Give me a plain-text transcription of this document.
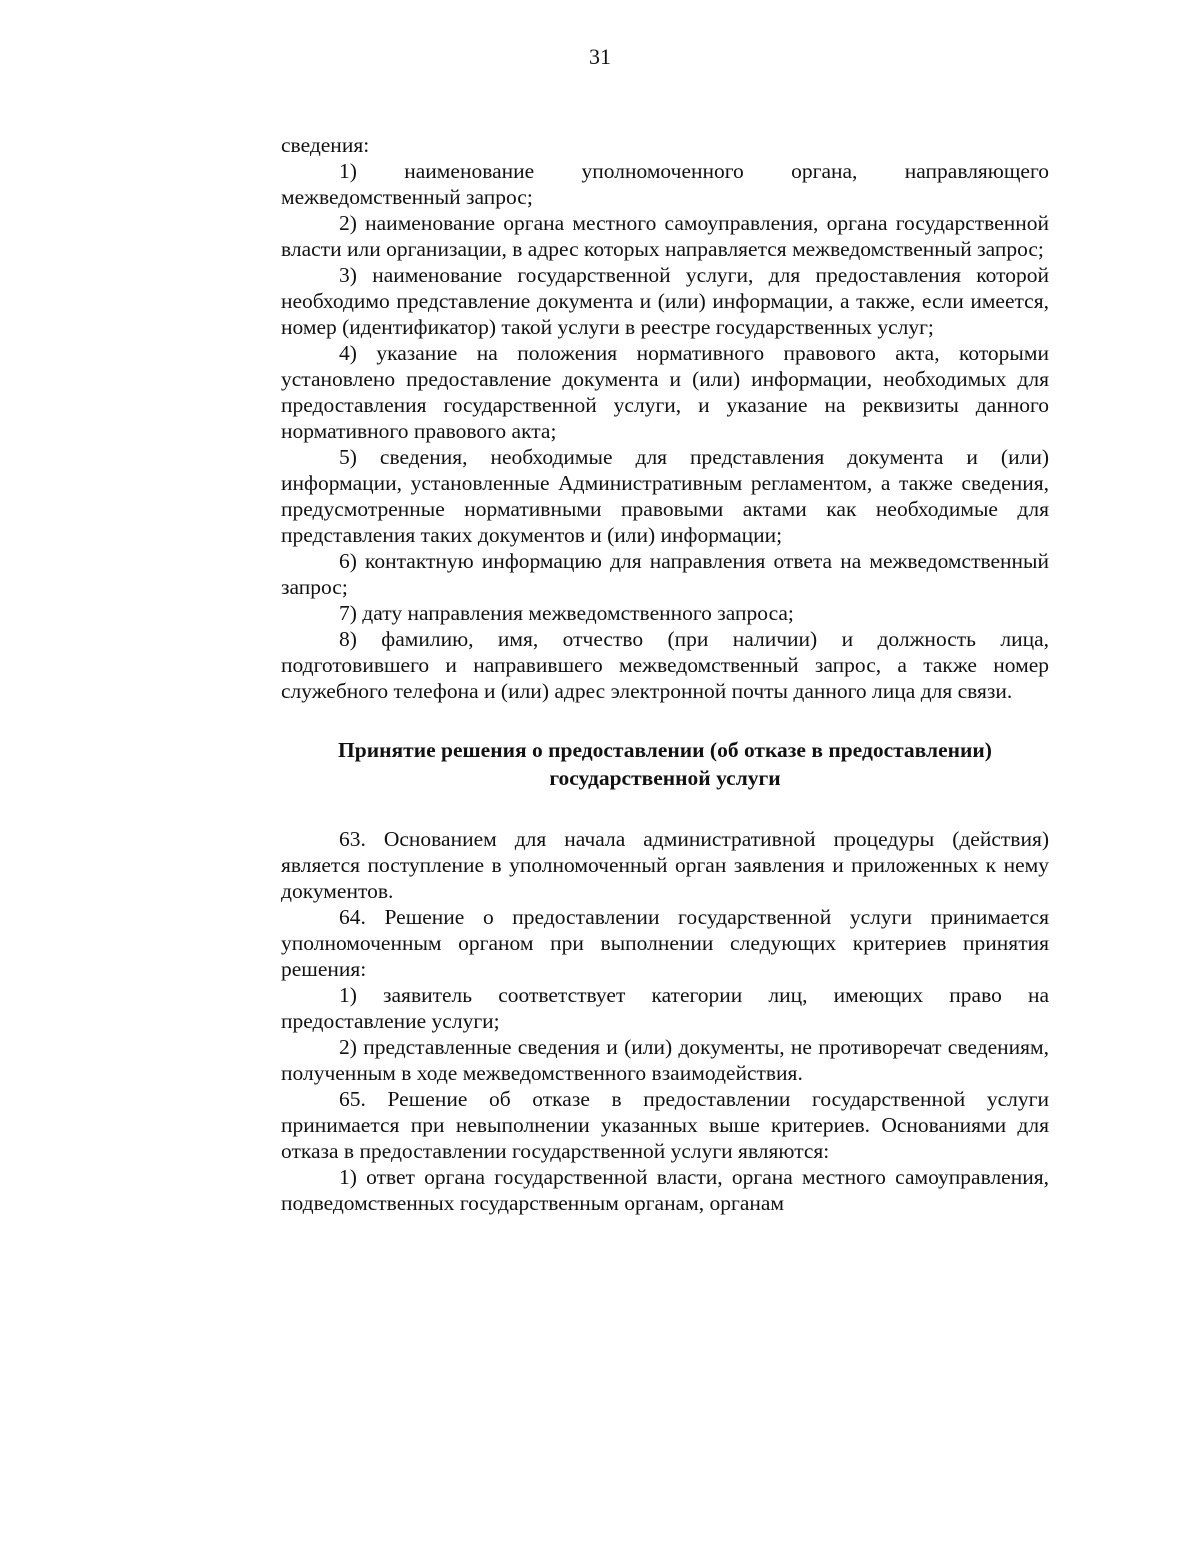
31

сведения:

1) наименование уполномоченного органа, направляющего межведомственный запрос;

2) наименование органа местного самоуправления, органа государственной власти или организации, в адрес которых направляется межведомственный запрос;

3) наименование государственной услуги, для предоставления которой необходимо представление документа и (или) информации, а также, если имеется, номер (идентификатор) такой услуги в реестре государственных услуг;

4) указание на положения нормативного правового акта, которыми установлено предоставление документа и (или) информации, необходимых для предоставления государственной услуги, и указание на реквизиты данного нормативного правового акта;

5) сведения, необходимые для представления документа и (или) информации, установленные Административным регламентом, а также сведения, предусмотренные нормативными правовыми актами как необходимые для представления таких документов и (или) информации;

6) контактную информацию для направления ответа на межведомственный запрос;

7) дату направления межведомственного запроса;

8) фамилию, имя, отчество (при наличии) и должность лица, подготовившего и направившего межведомственный запрос, а также номер служебного телефона и (или) адрес электронной почты данного лица для связи.

Принятие решения о предоставлении (об отказе в предоставлении)
государственной услуги

63. Основанием для начала административной процедуры (действия) является поступление в уполномоченный орган заявления и приложенных к нему документов.

64. Решение о предоставлении государственной услуги принимается уполномоченным органом при выполнении следующих критериев принятия решения:

1) заявитель соответствует категории лиц, имеющих право на предоставление услуги;

2) представленные сведения и (или) документы, не противоречат сведениям, полученным в ходе межведомственного взаимодействия.

65. Решение об отказе в предоставлении государственной услуги принимается при невыполнении указанных выше критериев. Основаниями для отказа в предоставлении государственной услуги являются:

1) ответ органа государственной власти, органа местного самоуправления, подведомственных государственным органам, органам
